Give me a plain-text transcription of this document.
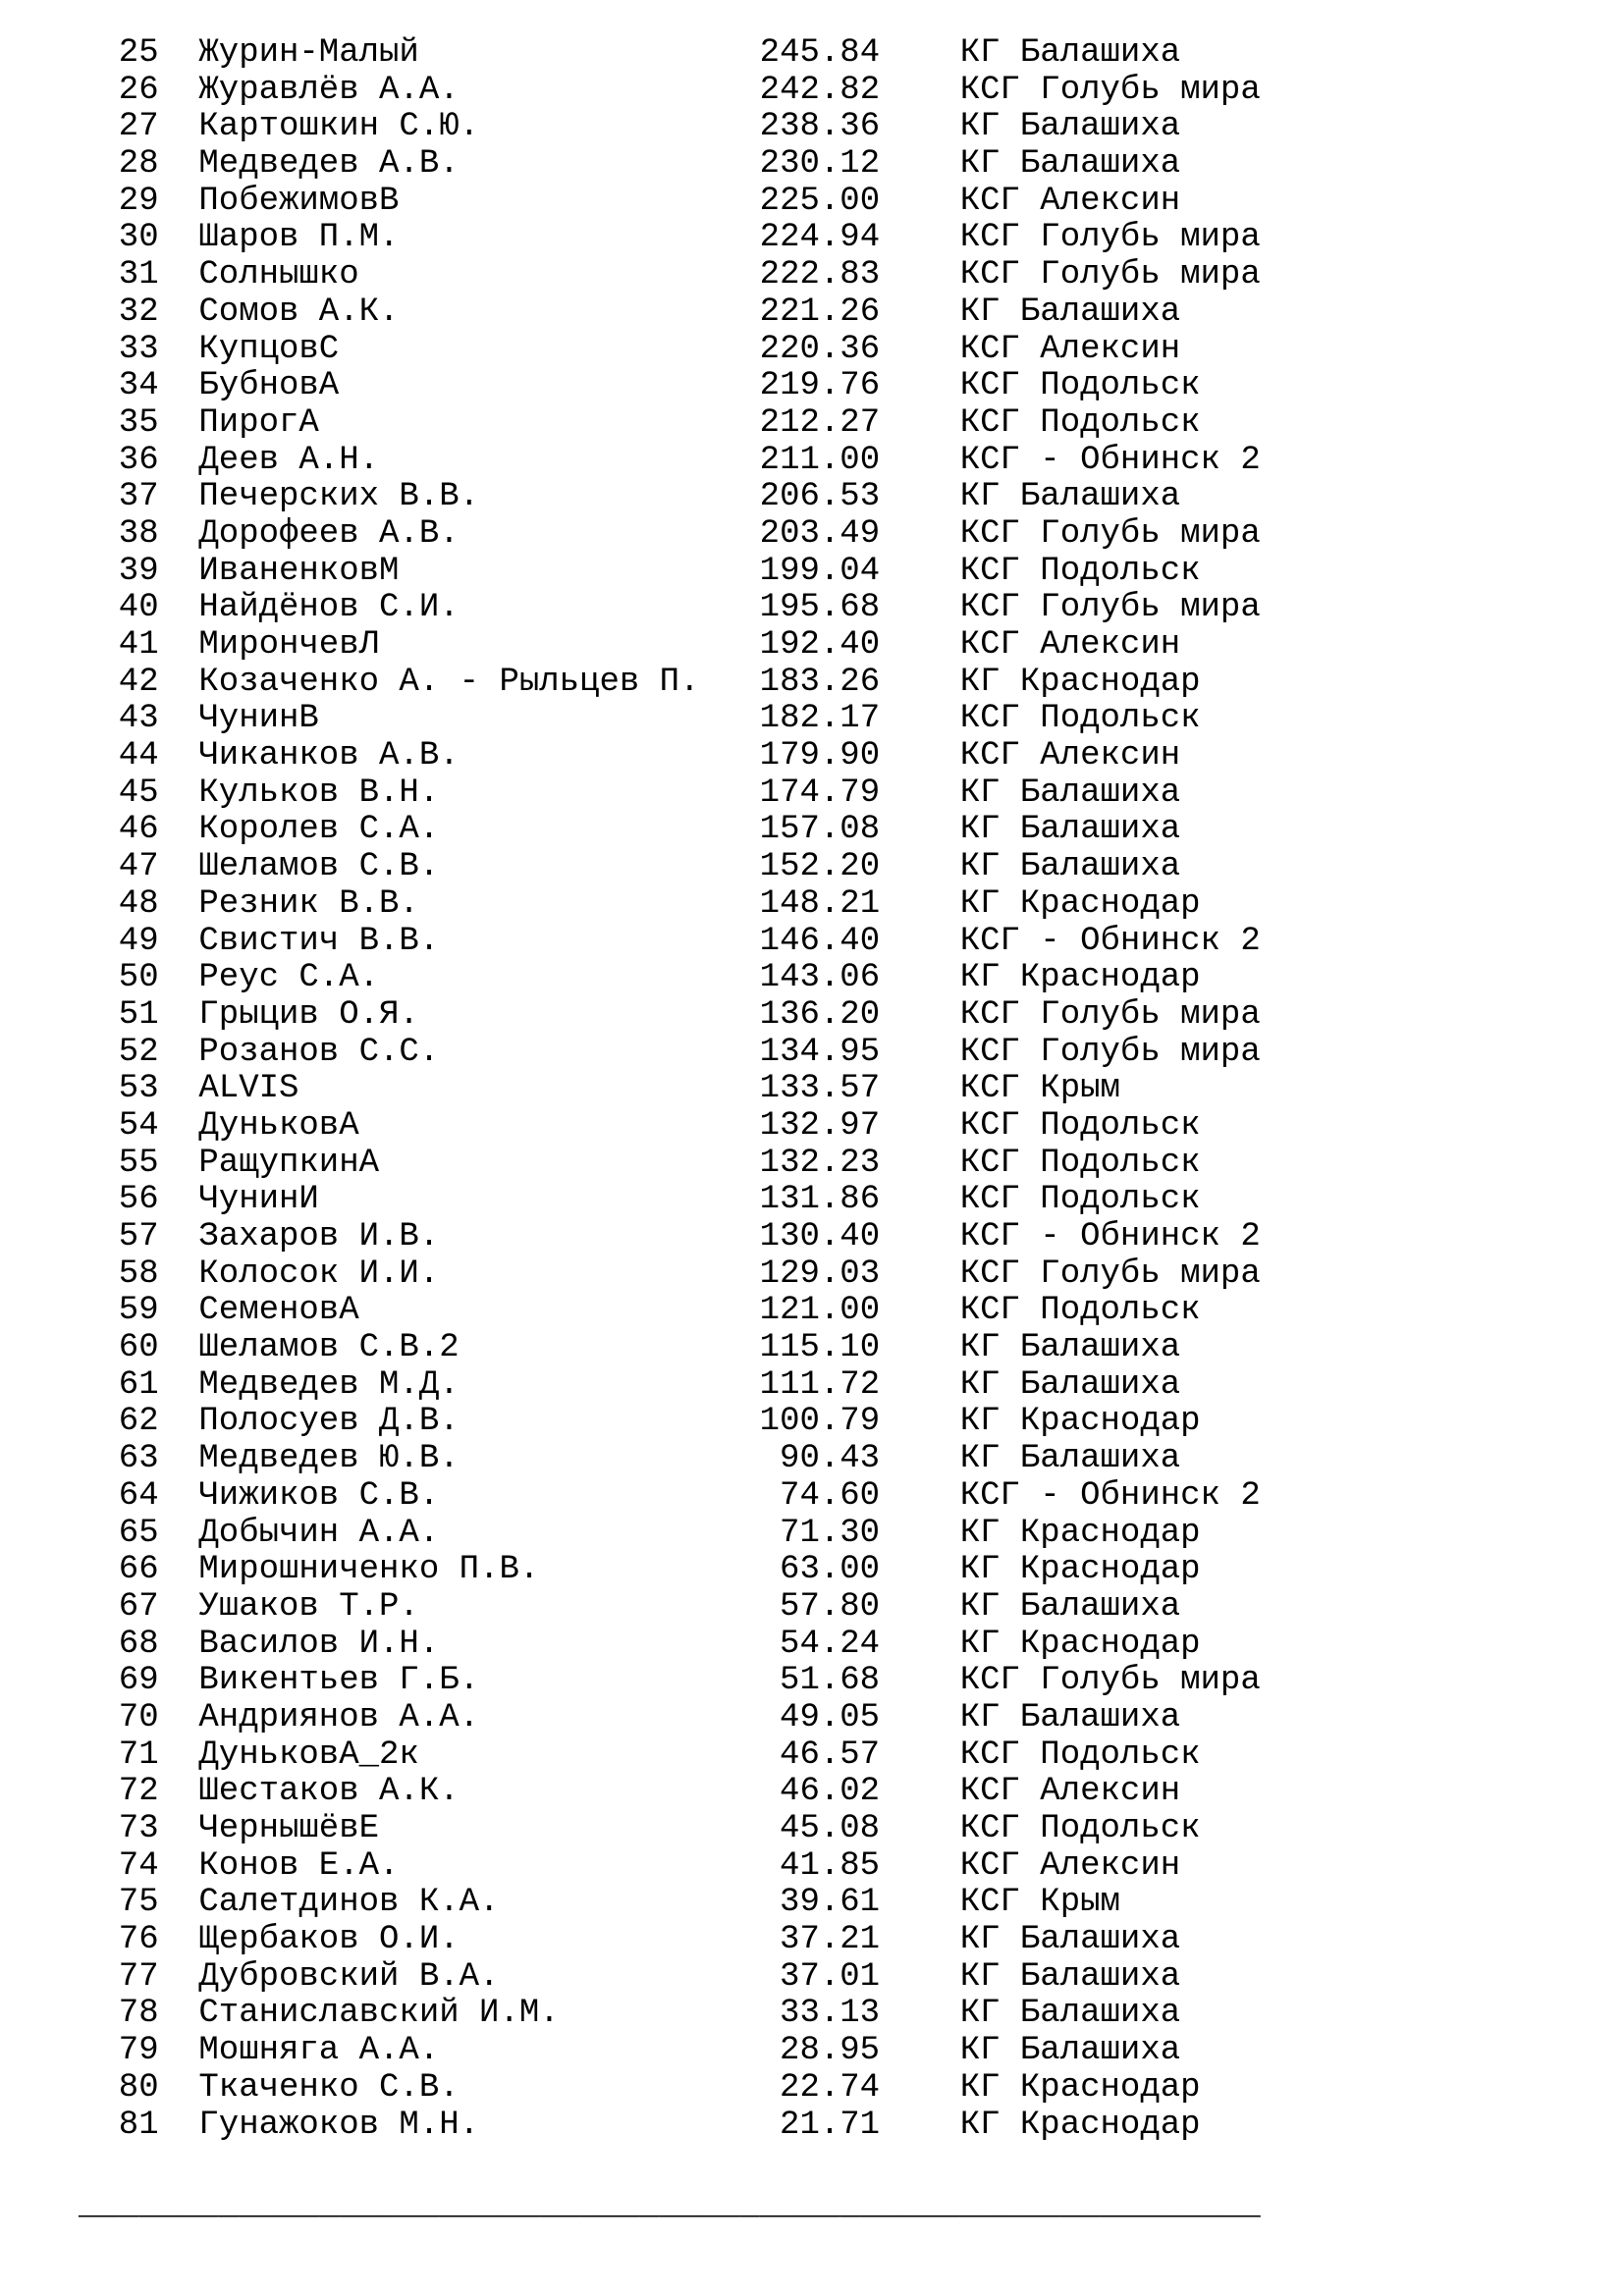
25 Журин-Малый	245.84 КГ Балашиха
26 Журавлёв А.А.	242.82 КСГ Голубь мира
27 Картошкин С.Ю.	238.36 КГ Балашиха
28 Медведев А.В.	230.12 КГ Балашиха
29 ПобежимовВ	225.00 КСГ Алексин
30 Шаров П.М.	224.94 КСГ Голубь мира
31 Солнышко	222.83 КСГ Голубь мира
32 Сомов А.К.	221.26 КГ Балашиха
33 КупцовС	220.36 КСГ Алексин
34 БубновА	219.76 КСГ Подольск
35 ПирогА	212.27 КСГ Подольск
36 Деев А.Н.	211.00 КСГ - Обнинск 2
37 Печерских В.В.	206.53 КГ Балашиха
38 Дорофеев А.В.	203.49 КСГ Голубь мира
39 ИваненковМ	199.04 КСГ Подольск
40 Найдёнов С.И.	195.68 КСГ Голубь мира
41 МирончевЛ	192.40 КСГ Алексин
42 Козаченко А. - Рыльцев П.	183.26 КГ Краснодар
43 ЧунинВ	182.17 КСГ Подольск
44 Чиканков А.В.	179.90 КСГ Алексин
45 Кульков В.Н.	174.79 КГ Балашиха
46 Королев С.А.	157.08 КГ Балашиха
47 Шеламов С.В.	152.20 КГ Балашиха
48 Резник В.В.	148.21 КГ Краснодар
49 Свистич В.В.	146.40 КСГ - Обнинск 2
50 Реус С.А.	143.06 КГ Краснодар
51 Грыцив О.Я.	136.20 КСГ Голубь мира
52 Розанов С.С.	134.95 КСГ Голубь мира
53 ALVIS	133.57 КСГ Крым
54 ДуньковА	132.97 КСГ Подольск
55 РащупкинА	132.23 КСГ Подольск
56 ЧунинИ	131.86 КСГ Подольск
57 Захаров И.В.	130.40 КСГ - Обнинск 2
58 Колосок И.И.	129.03 КСГ Голубь мира
59 СеменовА	121.00 КСГ Подольск
60 Шеламов С.В.2	115.10 КГ Балашиха
61 Медведев М.Д.	111.72 КГ Балашиха
62 Полосуев Д.В.	100.79 КГ Краснодар
63 Медведев Ю.В.	90.43 КГ Балашиха
64 Чижиков С.В.	74.60 КСГ - Обнинск 2
65 Добычин А.А.	71.30 КГ Краснодар
66 Мирошниченко П.В.	63.00 КГ Краснодар
67 Ушаков Т.Р.	57.80 КГ Балашиха
68 Василов И.Н.	54.24 КГ Краснодар
69 Викентьев Г.Б.	51.68 КСГ Голубь мира
70 Андриянов А.А.	49.05 КГ Балашиха
71 ДуньковА_2к	46.57 КСГ Подольск
72 Шестаков А.К.	46.02 КСГ Алексин
73 ЧернышёвЕ	45.08 КСГ Подольск
74 Конов Е.А.	41.85 КСГ Алексин
75 Салетдинов К.А.	39.61 КСГ Крым
76 Щербаков О.И.	37.21 КГ Балашиха
77 Дубровский В.А.	37.01 КГ Балашиха
78 Станиславский И.М.	33.13 КГ Балашиха
79 Мошняга А.А.	28.95 КГ Балашиха
80 Ткаченко С.В.	22.74 КГ Краснодар
81 Гунажоков М.Н.	21.71 КГ Краснодар
___________________________________________________________
